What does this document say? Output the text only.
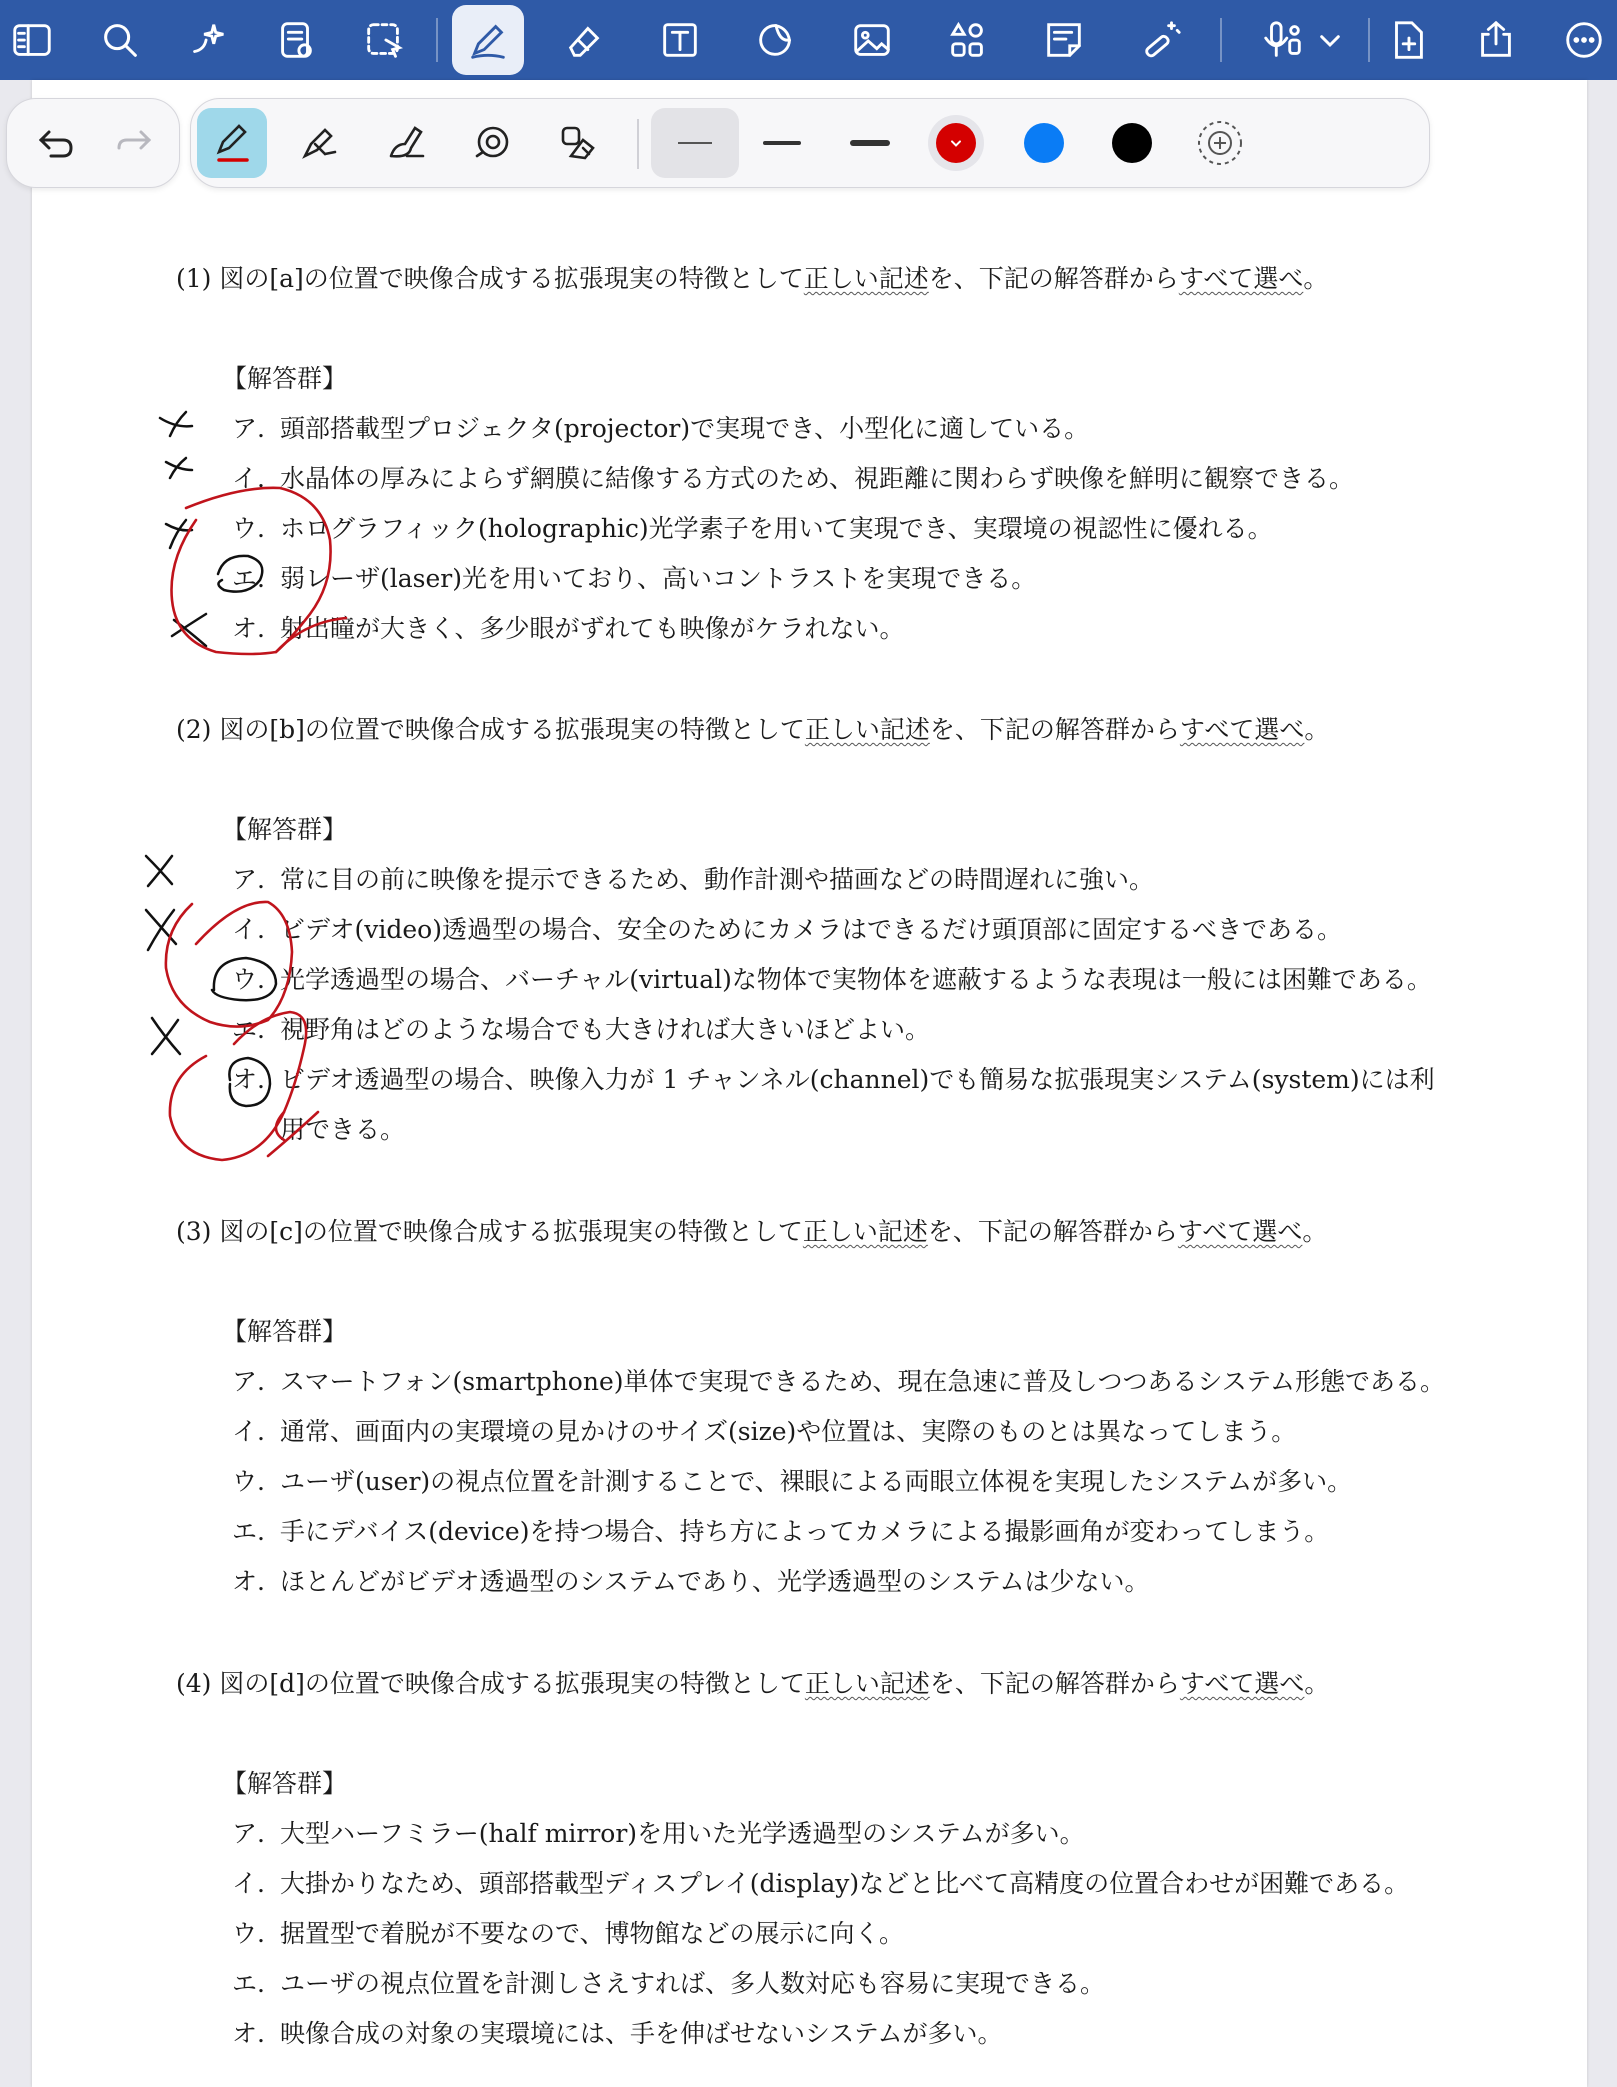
(1) 図の[a]の位置で映像合成する拡張現実の特徴として正しい記述を、下記の解答群からすべて選べ。
【解答群】
ア. 頭部搭載型プロジェクタ(projector)で実現でき、小型化に適している。
イ. 水晶体の厚みによらず網膜に結像する方式のため、視距離に関わらず映像を鮮明に観察できる。
ウ. ホログラフィック(holographic)光学素子を用いて実現でき、実環境の視認性に優れる。
エ. 弱レーザ(laser)光を用いており、高いコントラストを実現できる。
オ. 射出瞳が大きく、多少眼がずれても映像がケラれない。
(2) 図の[b]の位置で映像合成する拡張現実の特徴として正しい記述を、下記の解答群からすべて選べ。
【解答群】
ア. 常に目の前に映像を提示できるため、動作計測や描画などの時間遅れに強い。
イ. ビデオ(video)透過型の場合、安全のためにカメラはできるだけ頭頂部に固定するべきである。
ウ. 光学透過型の場合、バーチャル(virtual)な物体で実物体を遮蔽するような表現は一般には困難である。
エ. 視野角はどのような場合でも大きければ大きいほどよい。
オ. ビデオ透過型の場合、映像入力が 1 チャンネル(channel)でも簡易な拡張現実システム(system)には利
用できる。
(3) 図の[c]の位置で映像合成する拡張現実の特徴として正しい記述を、下記の解答群からすべて選べ。
【解答群】
ア. スマートフォン(smartphone)単体で実現できるため、現在急速に普及しつつあるシステム形態である。
イ. 通常、画面内の実環境の見かけのサイズ(size)や位置は、実際のものとは異なってしまう。
ウ. ユーザ(user)の視点位置を計測することで、裸眼による両眼立体視を実現したシステムが多い。
エ. 手にデバイス(device)を持つ場合、持ち方によってカメラによる撮影画角が変わってしまう。
オ. ほとんどがビデオ透過型のシステムであり、光学透過型のシステムは少ない。
(4) 図の[d]の位置で映像合成する拡張現実の特徴として正しい記述を、下記の解答群からすべて選べ。
【解答群】
ア. 大型ハーフミラー(half mirror)を用いた光学透過型のシステムが多い。
イ. 大掛かりなため、頭部搭載型ディスプレイ(display)などと比べて高精度の位置合わせが困難である。
ウ. 据置型で着脱が不要なので、博物館などの展示に向く。
エ. ユーザの視点位置を計測しさえすれば、多人数対応も容易に実現できる。
オ. 映像合成の対象の実環境には、手を伸ばせないシステムが多い。
